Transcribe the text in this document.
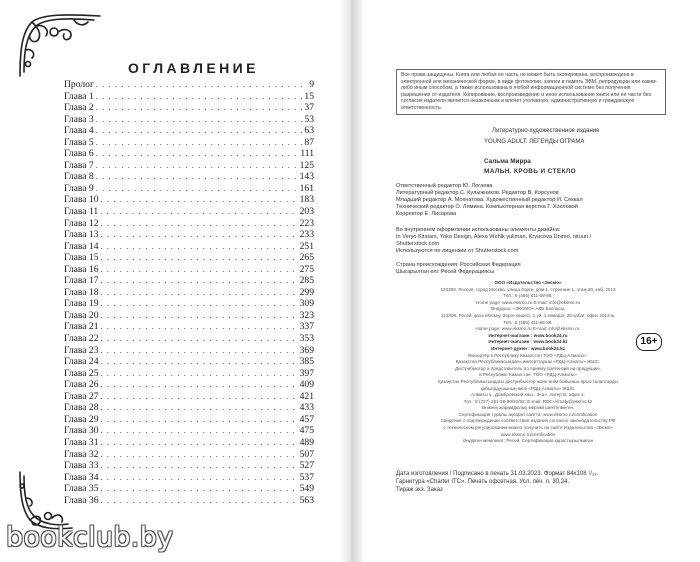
ОГЛАВЛЕНИЕ
Пролог . . .	9
Глава 1 . . .	15
Глава 2 . . .	37
Глава 3 . . .	53
Глава 4 . . .	63
Глава 5 . . .	87
Глава 6 . . .	111
Глава 7 . . .	125
Глава 8 . . .	143
Глава 9 . . .	161
Глава 10 . . .	183
Глава 11 . . .	203
Глава 12 . . .	223
Глава 13 . . .	233
Глава 14 . . .	251
Глава 15 . . .	265
Глава 16 . . .	275
Глава 17 . . .	285
Глава 18 . . .	299
Глава 19 . . .	309
Глава 20 . . .	323
Глава 21 . . .	337
Глава 22 . . .	353
Глава 23 . . .	369
Глава 24 . . .	385
Глава 25 . . .	397
Глава 26 . . .	409
Глава 27 . . .	421
Глава 28 . . .	433
Глава 29 . . .	457
Глава 30 . . .	475
Глава 31 . . .	489
Глава 32 . . .	507
Глава 33 . . .	527
Глава 34 . . .	537
Глава 35 . . .	549
Глава 36 . . .	563
bookclub.by
Все права защищены. Книга или любая ее часть не может быть скопирована, воспроизведена в электронной или механической форме, в виде фотокопии, записи в память ЭВМ, репродукции или каким-либо иным способом, а также использована в любой информационной системе без получения разрешения от издателя. Копирование, воспроизведение и иное использование книги или ее части без согласия издателя является незаконным и влечет уголовную, административную и гражданскую ответственность.
Литературно-художественное издание
YOUNG ADULT. ЛЕГЕНДЫ ОГРАМА
Сальма Мирра
МАЛЬН. КРОВЬ И СТЕКЛО
Ответственный редактор Ю. Логаева
Литературный редактор С. Кулыжников. Редактор В. Корсунов
Младший редактор А. Мохнатова. Художественный редактор И. Секкал
Технический редактор О. Лямина. Компьютерная верстка Г. Хохловой
Корректор Е. Лисарова
Во внутреннем оформлении использованы элементы дизайна:
In Veryo Kitstars, Yoko Design, Alexa Wehlk yuliman, Kryucova Dnimo, nituuri /
Shutterstock.com
Используются по лицензии от Shutterstock.com
Страна происхождения: Российская Федерация
Шыгарылған елі: Ресей Федерациясы
ООО «Издательство «Эксмо»
123308, Россия, город Москва, улица Зорге, дом 1, строение 1, этаж 20, каб. 2013
Тел.: 8 (495) 411-68-86.
Home page: www.eksmo.ru E-mail: info@eksmo.ru
Өндіруші: «ЭКСМО» АҚБ Баспасы,
123308, Ресей, қала Мәскеу, Зорге көшесі, 1 үй, 1 ғимарат, 20 қабат, офис 2013 ж.
Тел.: 8 (495) 411-68-86.
Home page: www.eksmo.ru E-mail: info@eksmo.ru.
Интернет-магазин : www.book24.ru
Интернет-магазин : www.book24.kz
Интернет-дүкен : www.book24.kz
Импортёр в Республику Казахстан ТОО «РДЦ-Алматы».
Қазақстан Республикасындағы импорттаушы «РДЦ-Алматы» ЖШС.
Дистрибьютор и представитель по приему претензий на продукцию,
в Республике Казахстан: ТОО «РДЦ-Алматы»
Қазақстан Республикасындағы дистрибьютор және өнім бойынша арыз-талаптарды
қабылдаушының өкілі «РДЦ-Алматы» ЖШС,
Алматы қ., Домбровский көш., 3«а», литер Б, офис 1.
Тел.: 8 (727) 251-59-90/91/92; E-mail: RDC-Almaty@eksmo.kz
Өнімнің жарамдылық мерзімі шектелмеген.
Сертификация туралы ақпарат сайтта: www.eksmo.ru/certification
Сведения о подтверждении соответствия издания согласно законодательству РФ
о техническом регулировании можно получить на сайте Издательства «Эксмо»
www.eksmo.ru/certification
Өндірген мемлекет: Ресей. Сертификация қарастырылмаған
16+
Дата изготовления / Подписано в печать 31.03.2023. Формат 84x108 ¹/₃₂.
Гарнитура «Charter ITC». Печать офсетная. Усл. печ. л. 30,24.
Тираж экз. Заказ
